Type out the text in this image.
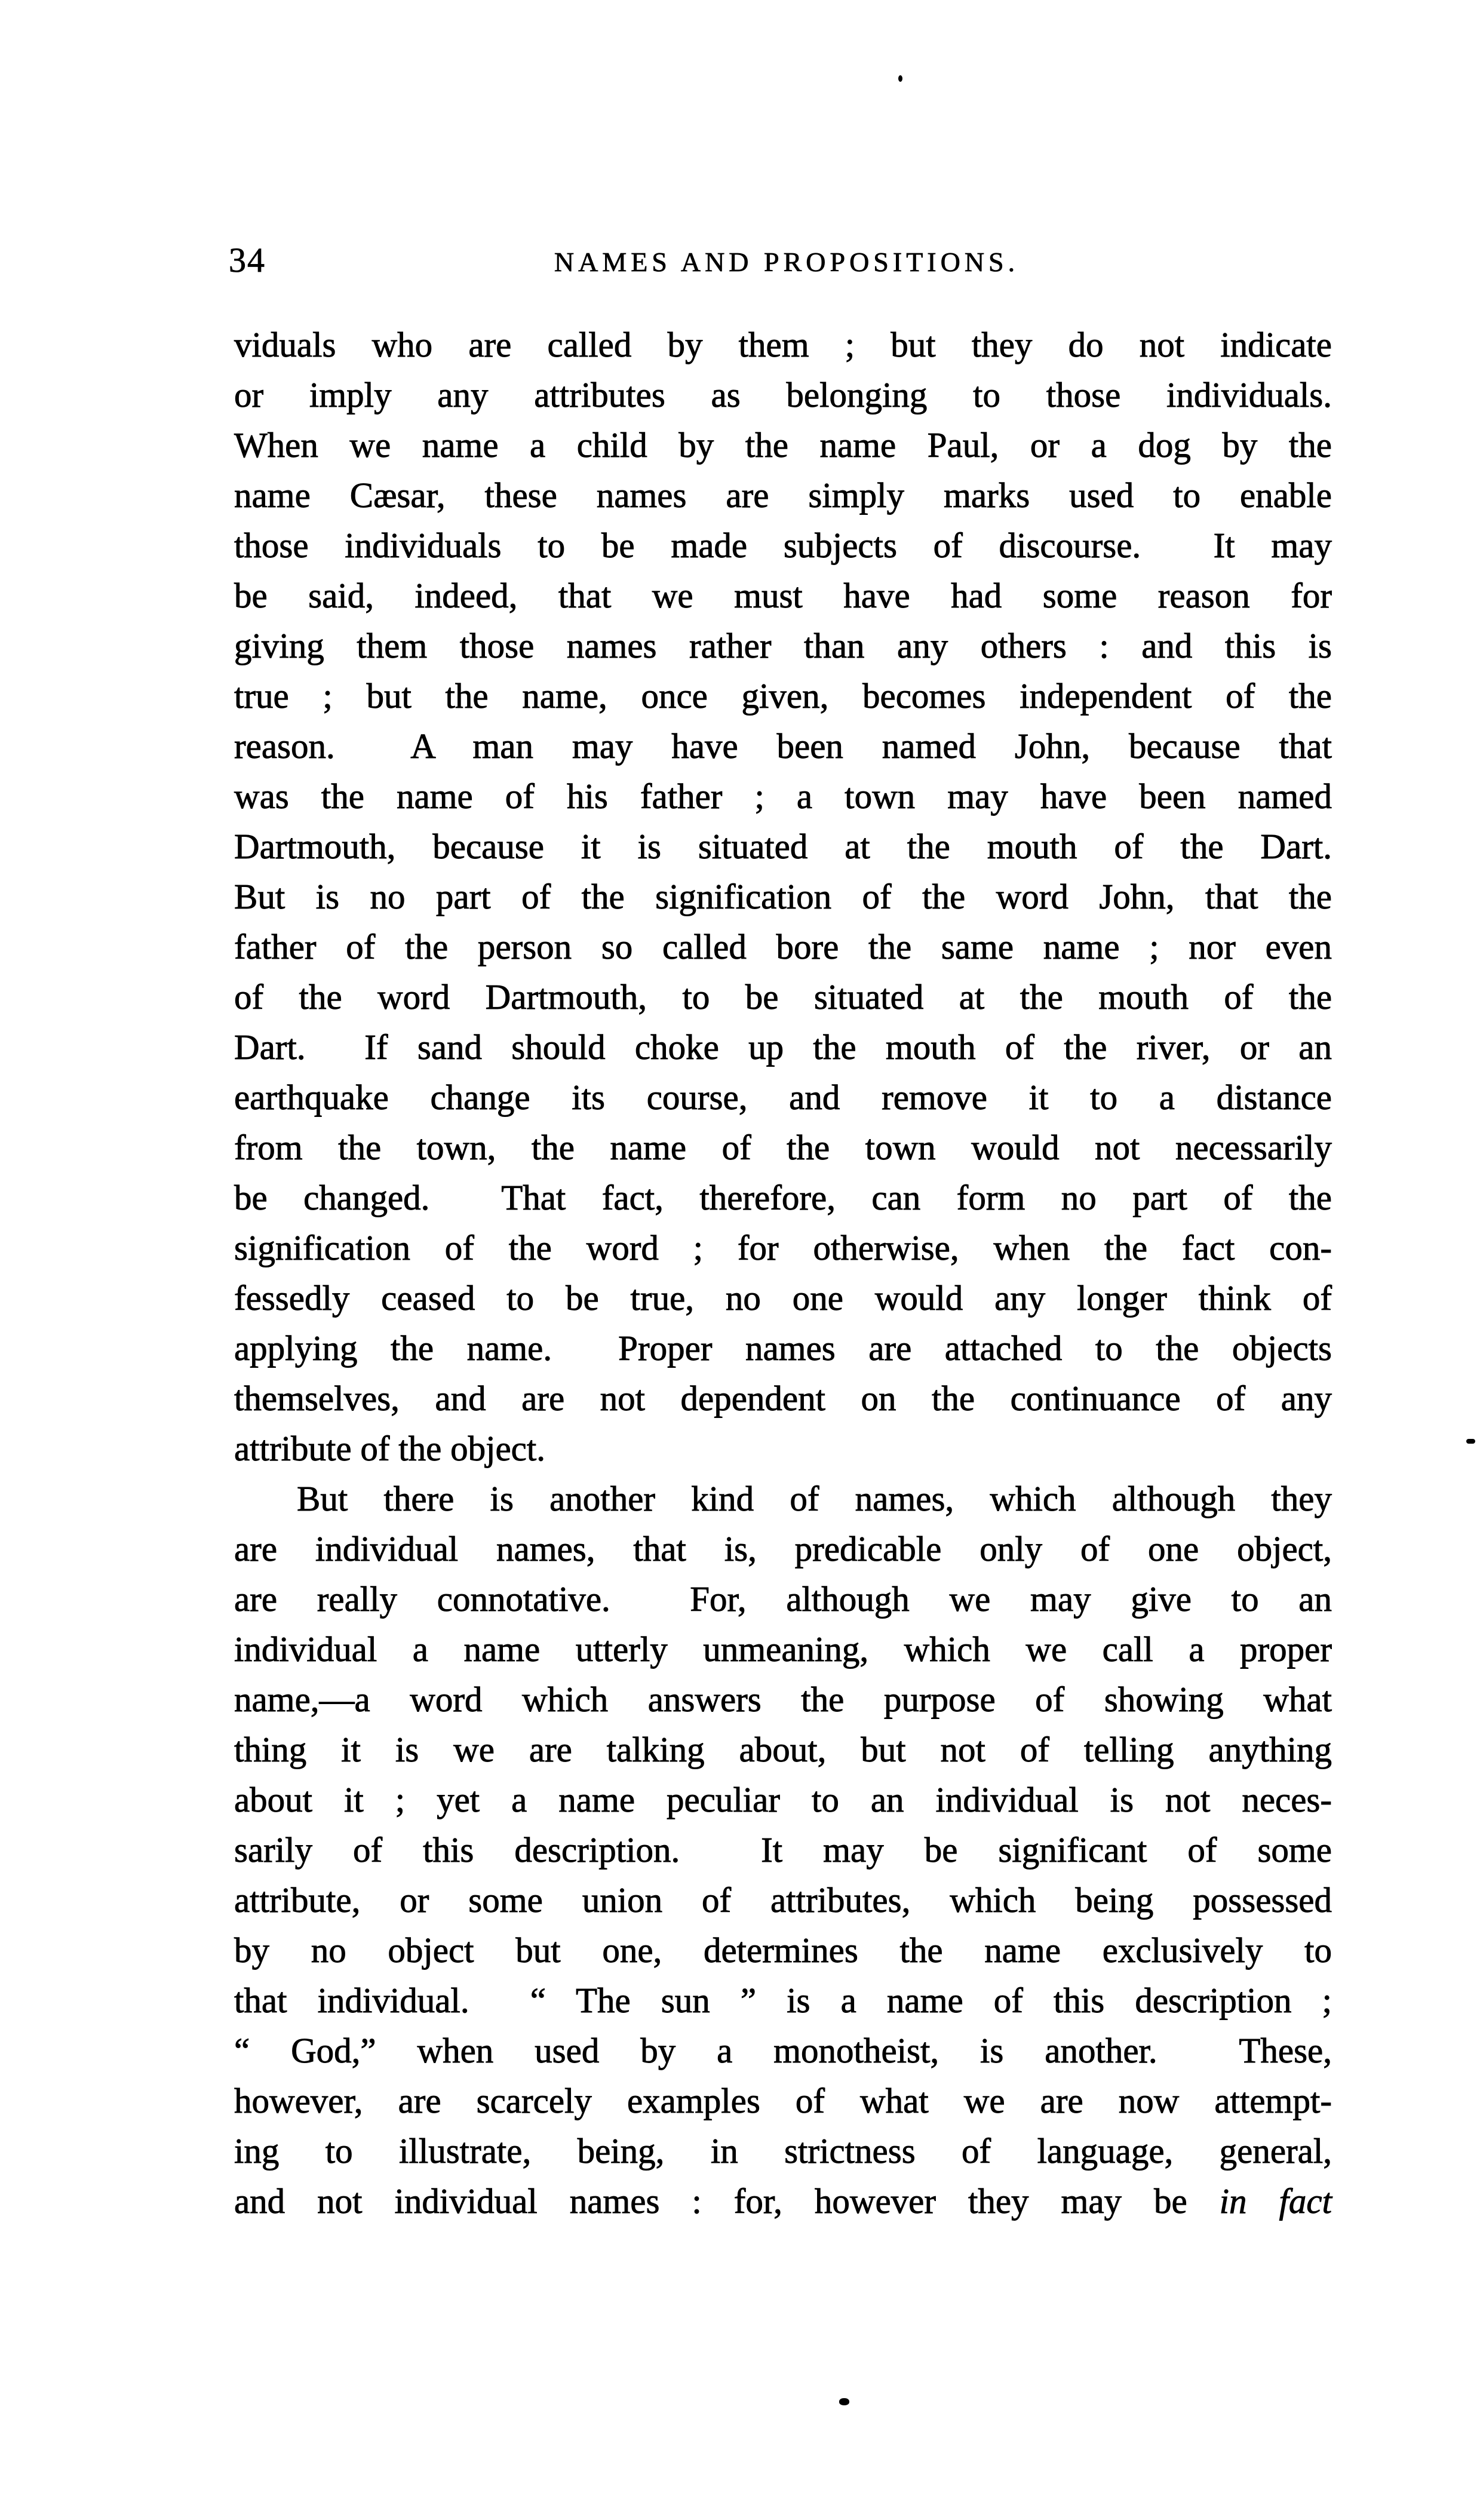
34	NAMES AND PROPOSITIONS.
viduals who are called by them ; but they do not indicate
or imply any attributes as belonging to those individuals.
When we name a child by the name Paul, or a dog by the
name Cæsar, these names are simply marks used to enable
those individuals to be made subjects of discourse.  It may
be said, indeed, that we must have had some reason for
giving them those names rather than any others : and this is
true ; but the name, once given, becomes independent of the
reason.  A man may have been named John, because that
was the name of his father ; a town may have been named
Dartmouth, because it is situated at the mouth of the Dart.
But is no part of the signification of the word John, that the
father of the person so called bore the same name ; nor even
of the word Dartmouth, to be situated at the mouth of the
Dart.  If sand should choke up the mouth of the river, or an
earthquake change its course, and remove it to a distance
from the town, the name of the town would not necessarily
be changed.  That fact, therefore, can form no part of the
signification of the word ; for otherwise, when the fact con-
fessedly ceased to be true, no one would any longer think of
applying the name.  Proper names are attached to the objects
themselves, and are not dependent on the continuance of any
attribute of the object.
But there is another kind of names, which although they
are individual names, that is, predicable only of one object,
are really connotative.  For, although we may give to an
individual a name utterly unmeaning, which we call a proper
name,—a word which answers the purpose of showing what
thing it is we are talking about, but not of telling anything
about it ; yet a name peculiar to an individual is not neces-
sarily of this description.  It may be significant of some
attribute, or some union of attributes, which being possessed
by no object but one, determines the name exclusively to
that individual.  “ The sun ” is a name of this description ;
“ God,” when used by a monotheist, is another.  These,
however, are scarcely examples of what we are now attempt-
ing to illustrate, being, in strictness of language, general,
and not individual names : for, however they may be in fact
